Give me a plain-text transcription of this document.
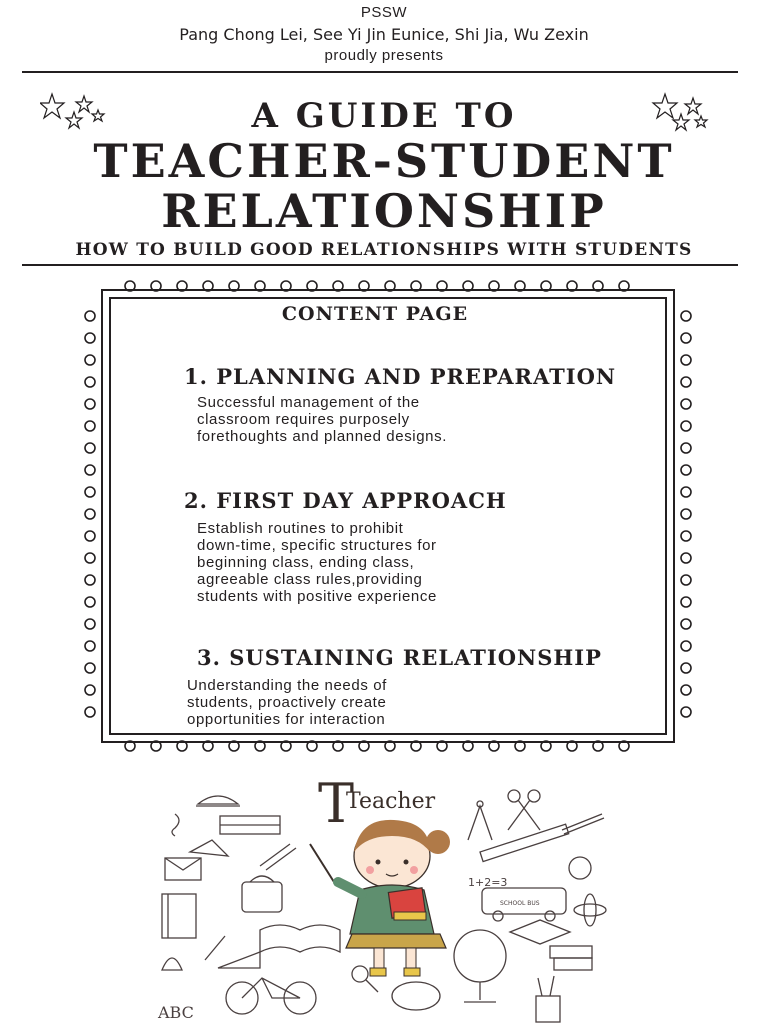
PSSW
Pang Chong Lei, See Yi Jin Eunice, Shi Jia, Wu Zexin
proudly presents
A GUIDE TO
TEACHER-STUDENT
RELATIONSHIP
HOW TO BUILD GOOD RELATIONSHIPS WITH STUDENTS
CONTENT PAGE
1. PLANNING AND PREPARATION
Successful management of the
classroom requires purposely
forethoughts and planned designs.
2. FIRST DAY APPROACH
Establish routines to prohibit
down-time, specific structures for
beginning class, ending class,
agreeable class rules,providing
students with positive experience
3. SUSTAINING RELATIONSHIP
Understanding the needs of
students, proactively create
opportunities for interaction
T
Teacher
1+2=3
ABC
SCHOOL BUS
